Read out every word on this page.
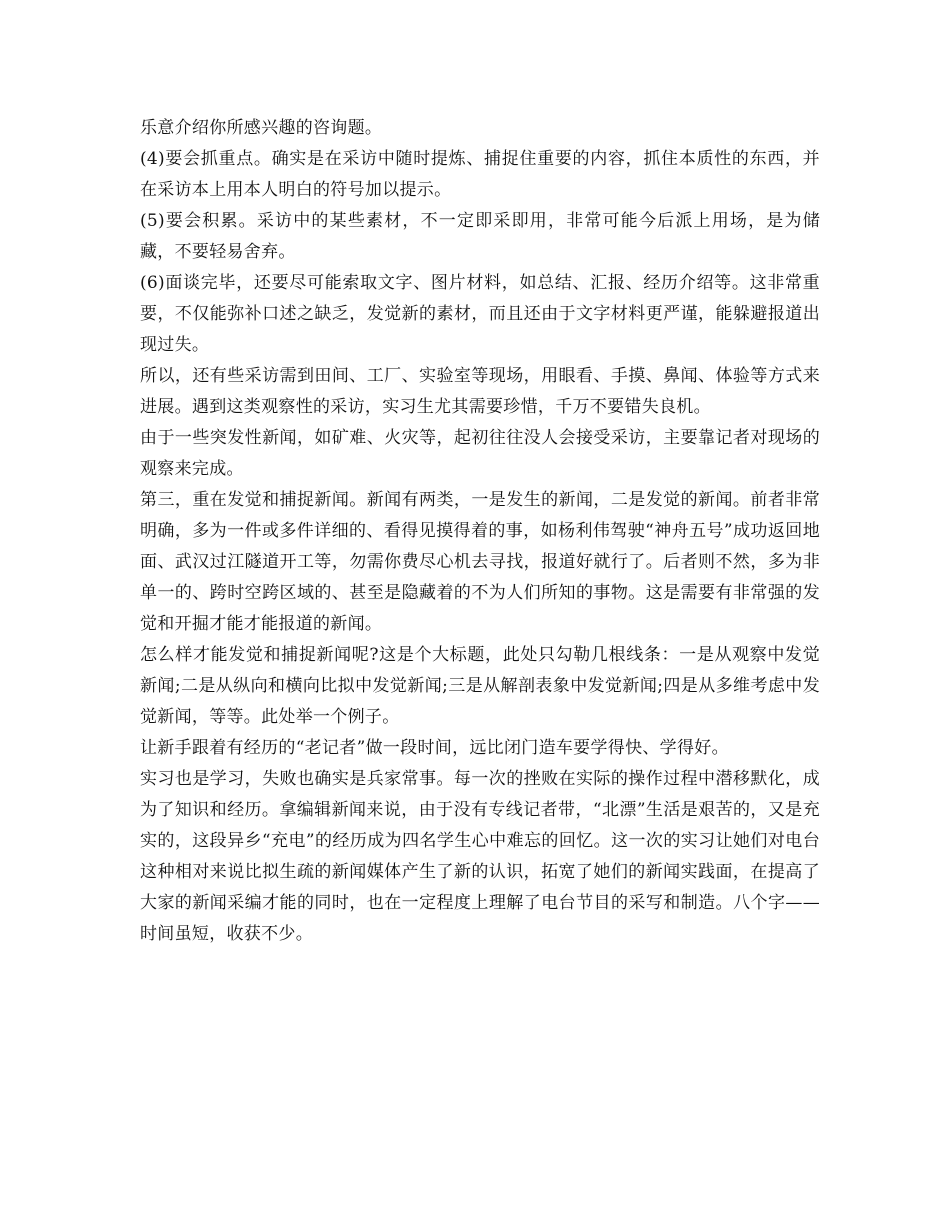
乐意介绍你所感兴趣的咨询题。

(4)要会抓重点。确实是在采访中随时提炼、捕捉住重要的内容，抓住本质性的东西，并在采访本上用本人明白的符号加以提示。

(5)要会积累。采访中的某些素材，不一定即采即用，非常可能今后派上用场，是为储藏，不要轻易舍弃。

(6)面谈完毕，还要尽可能索取文字、图片材料，如总结、汇报、经历介绍等。这非常重要，不仅能弥补口述之缺乏，发觉新的素材，而且还由于文字材料更严谨，能躲避报道出现过失。

所以，还有些采访需到田间、工厂、实验室等现场，用眼看、手摸、鼻闻、体验等方式来进展。遇到这类观察性的采访，实习生尤其需要珍惜，千万不要错失良机。

由于一些突发性新闻，如矿难、火灾等，起初往往没人会接受采访，主要靠记者对现场的观察来完成。

第三，重在发觉和捕捉新闻。新闻有两类，一是发生的新闻，二是发觉的新闻。前者非常明确，多为一件或多件详细的、看得见摸得着的事，如杨利伟驾驶“神舟五号”成功返回地面、武汉过江隧道开工等，勿需你费尽心机去寻找，报道好就行了。后者则不然，多为非单一的、跨时空跨区域的、甚至是隐藏着的不为人们所知的事物。这是需要有非常强的发觉和开掘才能才能报道的新闻。

怎么样才能发觉和捕捉新闻呢?这是个大标题，此处只勾勒几根线条：一是从观察中发觉新闻;二是从纵向和横向比拟中发觉新闻;三是从解剖表象中发觉新闻;四是从多维考虑中发觉新闻，等等。此处举一个例子。

让新手跟着有经历的“老记者”做一段时间，远比闭门造车要学得快、学得好。

实习也是学习，失败也确实是兵家常事。每一次的挫败在实际的操作过程中潜移默化，成为了知识和经历。拿编辑新闻来说，由于没有专线记者带，“北漂”生活是艰苦的，又是充实的，这段异乡“充电”的经历成为四名学生心中难忘的回忆。这一次的实习让她们对电台这种相对来说比拟生疏的新闻媒体产生了新的认识，拓宽了她们的新闻实践面，在提高了大家的新闻采编才能的同时，也在一定程度上理解了电台节目的采写和制造。八个字——时间虽短，收获不少。
